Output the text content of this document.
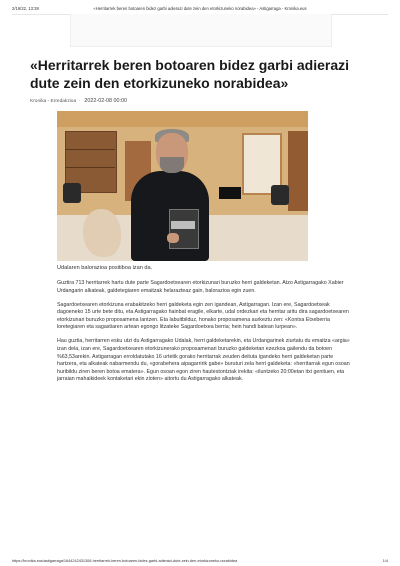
2/16/22, 13:38	«Herritarrek beren botoaren bidez garbi adierazi dute zein den etorkizuneko norabidea» - Astigarraga - Kronika.eus
«Herritarrek beren botoaren bidez garbi adierazi dute zein den etorkizuneko norabidea»
Kronika - Erredakzioa · 2022-02-08 00:00
Udalaren balorazioa positiboa izan da.

Guztira 713 herritarrek hartu dute parte Sagardoetxearen etorkizunari buruzko herri galdeketan. Atzo Astigarragako Xabier Urdangarin alkateak, galdetegiaren emaitzak helarazteaz gain, balorazioa egin zuen.

Sagardoetxearen etorkizuna erabakitzeko herri galdeketa egin zen igandean, Astigarragan. Izan ere, Sagardoetxeak dagoeneko 15 urte bete ditu, eta Astigarragako hainbat eragile, elkarte, udal ordezkari eta herritar aritu dira sagardoetxearen etorkizunari buruzko proposamena lantzen. Eta labuitbilduz, honako proposamena aurkeztu zen: «Kontxa Etxeberria loretegiaren eta sagastiaren artean egongo litzateke Sagardoetxea berria; hein handi batean lurpean».

Hau guztia, herritarren esku utzi du Astigarragako Udalak, herri galdeketarekin, eta Urdangarinek ziurtatu du emaitza «argia» izan dela, izan ere, Sagardoetxearen etorkizunerako proposamenari buruzko galdeketan ezezkoa gailendu da botoen %63,53arekin. Astigarragan erroldatutako 16 urtetik gorako herritarrak zeuden deituta igandeko herri galdeketan parte hartzera, eta alkateak nabarmendu du, «gorabehera aipagarririk gabe» buruturi zela herri galdeketa: «herritarrak egun osoan huribildu ziren beren botoa ematera». Egun osoan egon ziren hautestontziak irekita: «iluntzeko 20:00etan itxi genituen, eta jarraian mahaikideek kontaketari ekin zioten» aitortu du Astigarragako alkateak.

https://kronika.eus/astigarraga/1644242431306-herritarrek-beren-botoaren-bidez-garbi-adierazi-dute-zein-den-etorkizuneko-norabidea	1/4
